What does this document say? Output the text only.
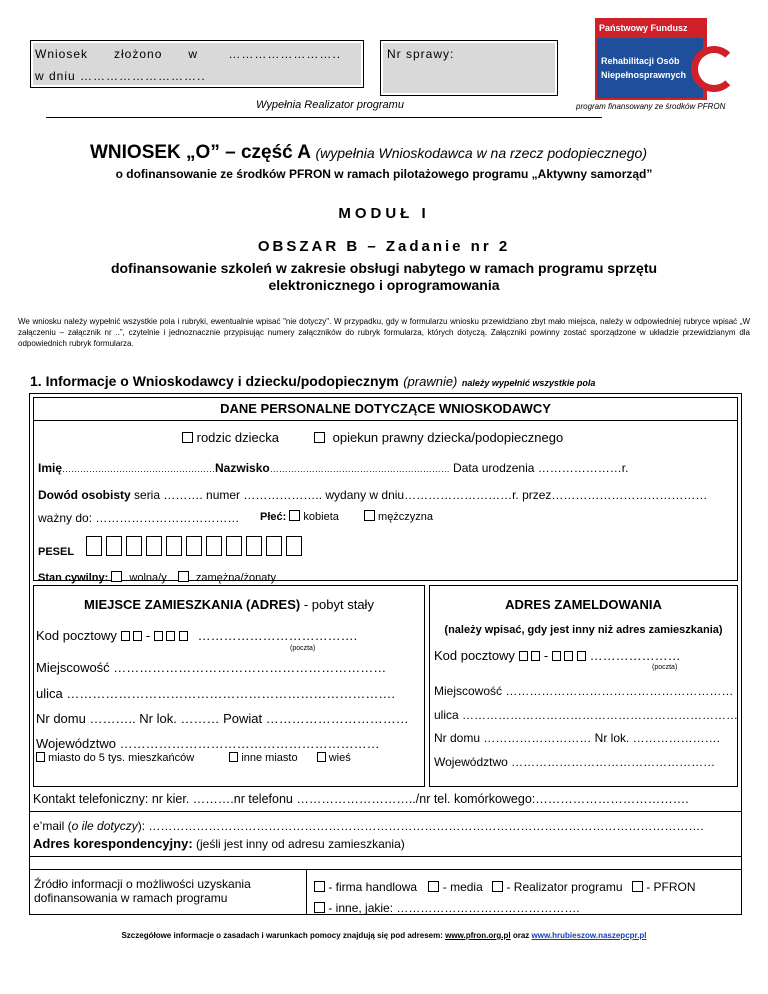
Wniosek      złożono      w       ……………………..
w dniu ………………………..
Nr sprawy:
Państwowy Fundusz
Rehabilitacji Osób
Niepełnosprawnych
Wypełnia Realizator programu	program finansowany ze środków PFRON
WNIOSEK „O” – część A (wypełnia Wnioskodawca w na rzecz podopiecznego)
o dofinansowanie ze środków PFRON w ramach pilotażowego programu „Aktywny samorząd”
MODUŁ I
OBSZAR B – Zadanie nr 2
dofinansowanie szkoleń w zakresie obsługi nabytego w ramach programu sprzętu
elektronicznego i oprogramowania
We wniosku należy wypełnić wszystkie pola i rubryki, ewentualnie wpisać "nie dotyczy". W przypadku, gdy w formularzu wniosku przewidziano zbyt mało miejsca, należy w odpowiedniej rubryce wpisać „W załączeniu – załącznik nr ..”, czytelnie i jednoznacznie przypisując numery załączników do rubryk formularza, których dotyczą. Załączniki powinny zostać sporządzone w układzie przewidzianym dla odpowiednich rubryk formularza.
1. Informacje o Wnioskodawcy i dziecku/podopiecznym (prawnie) należy wypełnić wszystkie pola
DANE PERSONALNE DOTYCZĄCE WNIOSKODAWCY
rodzic dziecka	opiekun prawny dziecka/podopiecznego
Imię……………………………………………Nazwisko…………………………………………………… Data urodzenia …………………r.
Dowód osobisty seria ………. numer ……………….. wydany w dniu………………………r. przez…………………………………
ważny do: ……………………………… Płeć: kobieta	mężczyzna
PESEL
Stan cywilny: wolna/y	zamężna/żonaty
MIEJSCE ZAMIESZKANIA (ADRES) - pobyt stały
Kod pocztowy   -	……………………………….
(poczta)
Miejscowość ………………………………………………………
ulica ………………………………………………………………….
Nr domu ……….. Nr lok. ……… Powiat ……………………………
Województwo ……………………………………………………
miasto do 5 tys. mieszkańców	inne miasto	wieś
ADRES ZAMELDOWANIA
(należy wpisać, gdy jest inny niż adres zamieszkania)
Kod pocztowy   -	…………………
(poczta)
Miejscowość …………………………………………………
ulica ……………………………………………………………
Nr domu ……………………… Nr lok. ………………….
Województwo ……………………………………………
Kontakt telefoniczny: nr kier. ……….nr telefonu ………………………../nr tel. komórkowego:……………………………….
e’mail (o ile dotyczy): ………………………………………………………………………………………………………………………….
Adres korespondencyjny: (jeśli jest inny od adresu zamieszkania)
Źródło informacji o możliwości uzyskania dofinansowania w ramach programu
- firma handlowa - media - Realizator programu - PFRON
- inne, jakie: ……………………………………….
Szczegółowe informacje o zasadach i warunkach pomocy znajdują się pod adresem: www.pfron.org.pl oraz www.hrubieszow.naszepcpr.pl
